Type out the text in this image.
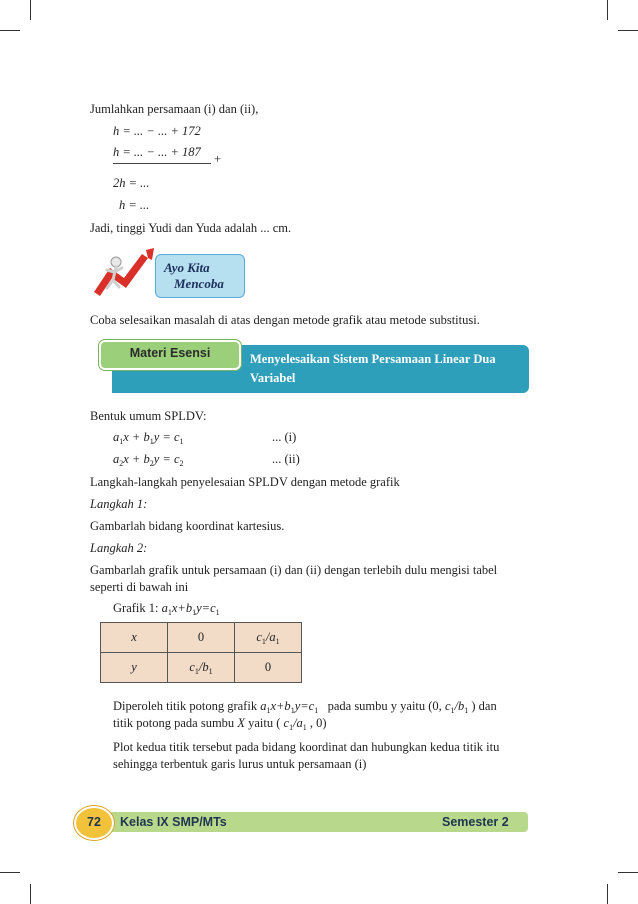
Jumlahkan persamaan (i) dan (ii),
h = ... − ... + 172
h = ... − ... + 187 +
2h = ...
h = ...
Jadi, tinggi Yudi dan Yuda adalah ... cm.
Ayo Kita
Mencoba
Coba selesaikan masalah di atas dengan metode grafik atau metode substitusi.
Materi Esensi	Menyelesaikan Sistem Persamaan Linear Dua
Variabel
Bentuk umum SPLDV:
$a_1x + b_1y = c_1$	... (i)
$a_2x + b_2y = c_2$	... (ii)
Langkah-langkah penyelesaian SPLDV dengan metode grafik
Langkah 1:
Gambarlah bidang koordinat kartesius.
Langkah 2:
Gambarlah grafik untuk persamaan (i) dan (ii) dengan terlebih dulu mengisi tabel
seperti di bawah ini
Grafik 1: $a_1x+b_1y=c_1$
x	0	$c_1/a_1$
y	$c_1/b_1$	0
Diperoleh titik potong grafik $a_1x+b_1y=c_1$ pada sumbu y yaitu (0, $c_1/b_1$ ) dan
titik potong pada sumbu X yaitu ( $c_1/a_1$ , 0)
Plot kedua titik tersebut pada bidang koordinat dan hubungkan kedua titik itu
sehingga terbentuk garis lurus untuk persamaan (i)
72	Kelas IX SMP/MTs	Semester 2
